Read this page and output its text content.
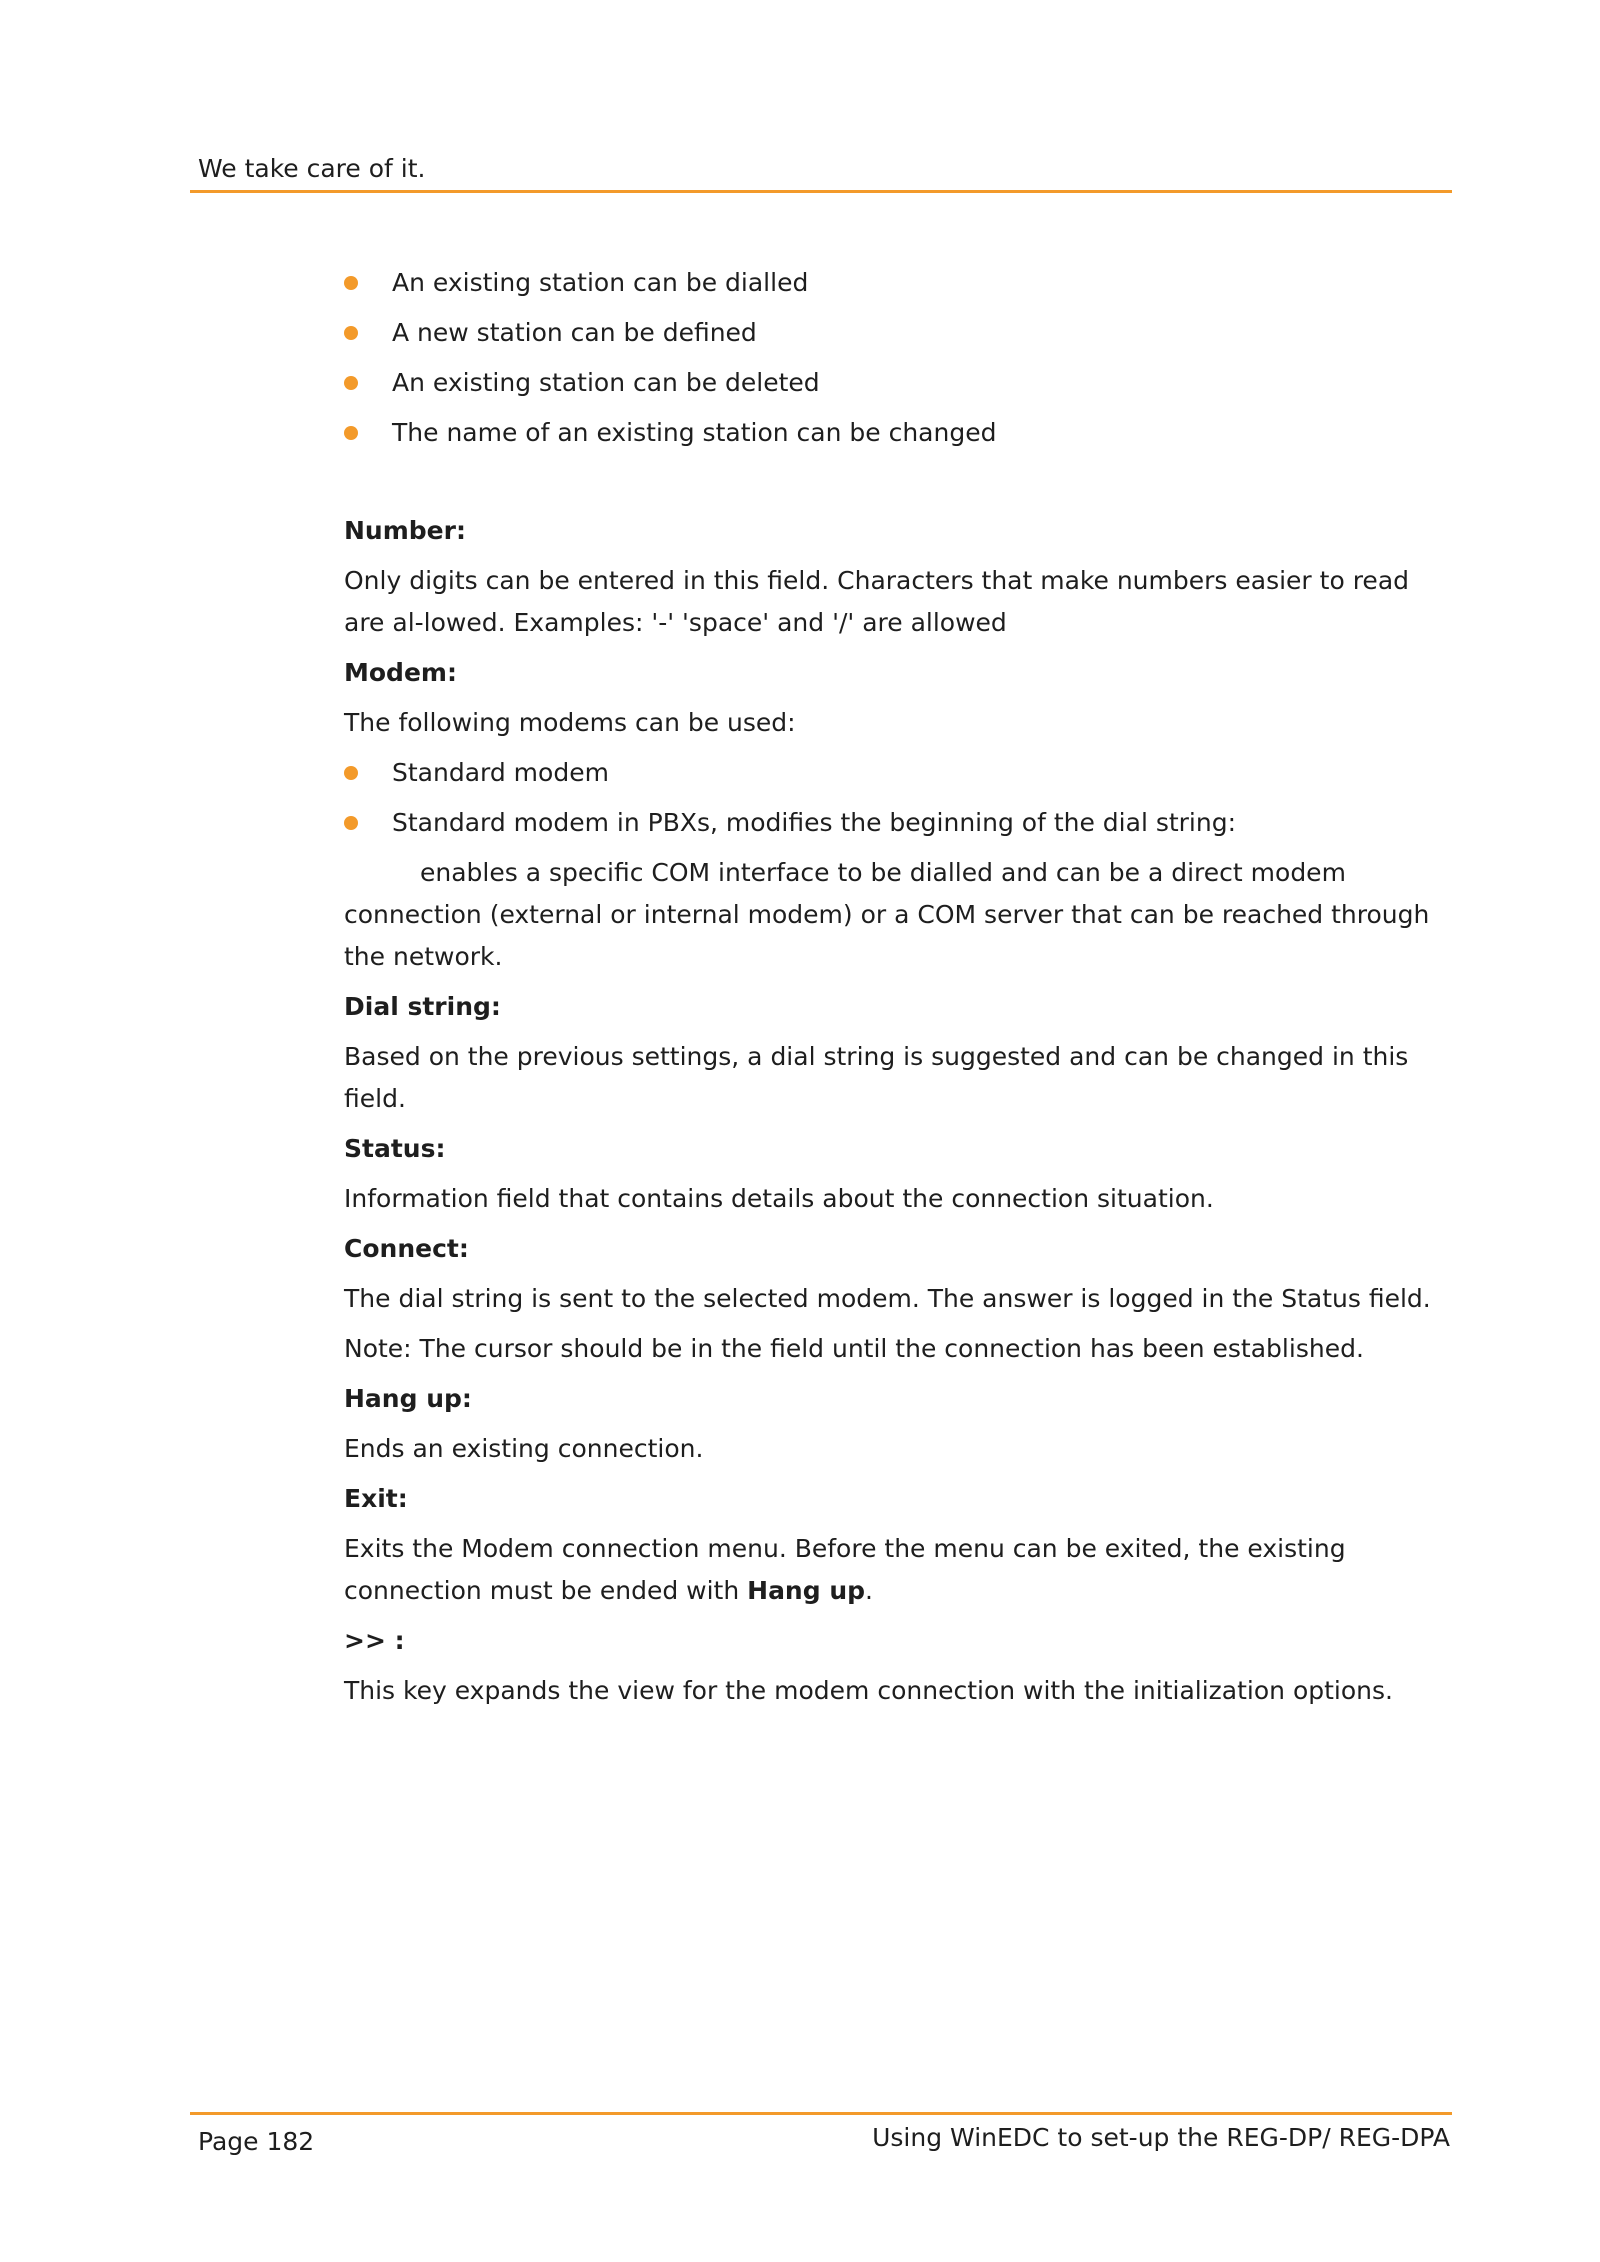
We take care of it.
An existing station can be dialled
A new station can be defined
An existing station can be deleted
The name of an existing station can be changed
Number:
Only digits can be entered in this field. Characters that make numbers easier to read are al-lowed. Examples: '-' 'space' and '/' are allowed
Modem:
The following modems can be used:
Standard modem
Standard modem in PBXs, modifies the beginning of the dial string:
enables a specific COM interface to be dialled and can be a direct modem connection (external or internal modem) or a COM server that can be reached through the network.
Dial string:
Based on the previous settings, a dial string is suggested and can be changed in this field.
Status:
Information field that contains details about the connection situation.
Connect:
The dial string is sent to the selected modem. The answer is logged in the Status field.
Note: The cursor should be in the field until the connection has been established.
Hang up:
Ends an existing connection.
Exit:
Exits the Modem connection menu. Before the menu can be exited, the existing connection must be ended with Hang up.
>> :
This key expands the view for the modem connection with the initialization options.
Page 182	Using WinEDC to set-up the REG-DP/ REG-DPA
